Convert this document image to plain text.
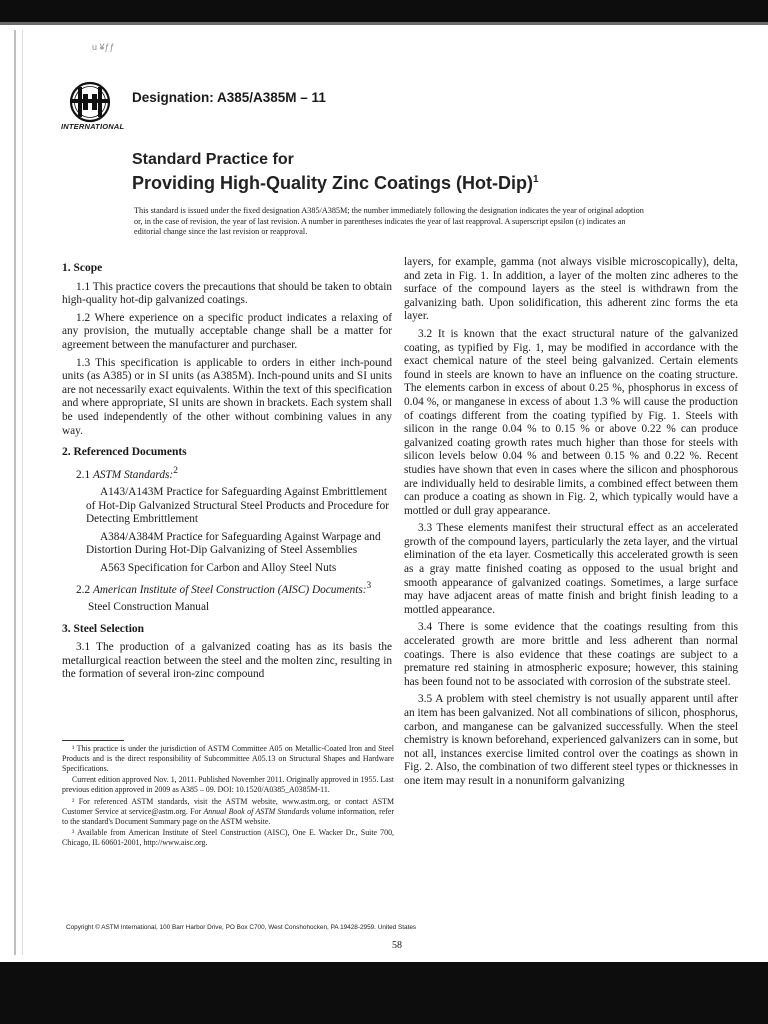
u ¥ƒƒ
INTERNATIONAL
Designation: A385/A385M – 11
Standard Practice for
Providing High-Quality Zinc Coatings $(Hot-Dip)^1$
This standard is issued under the fixed designation A385/A385M; the number immediately following the designation indicates the year of original adoption or, in the case of revision, the year of last revision. A number in parentheses indicates the year of last reapproval. A superscript epsilon (ε) indicates an editorial change since the last revision or reapproval.
1. Scope

1.1 This practice covers the precautions that should be taken to obtain high-quality hot-dip galvanized coatings.

1.2 Where experience on a specific product indicates a relaxing of any provision, the mutually acceptable change shall be a matter for agreement between the manufacturer and purchaser.

1.3 This specification is applicable to orders in either inch-pound units (as A385) or in SI units (as A385M). Inch-pound units and SI units are not necessarily exact equivalents. Within the text of this specification and where appropriate, SI units are shown in brackets. Each system shall be used independently of the other without combining values in any way.

2. Referenced Documents

2.1 ASTM Standards:$^2$

A143/A143M Practice for Safeguarding Against Embrittlement of Hot-Dip Galvanized Structural Steel Products and Procedure for Detecting Embrittlement

A384/A384M Practice for Safeguarding Against Warpage and Distortion During Hot-Dip Galvanizing of Steel Assemblies

A563 Specification for Carbon and Alloy Steel Nuts

2.2 American Institute of Steel Construction (AISC) Documents:$^3$

Steel Construction Manual

3. Steel Selection

3.1 The production of a galvanized coating has as its basis the metallurgical reaction between the steel and the molten zinc, resulting in the formation of several iron-zinc compound

layers, for example, gamma (not always visible microscopically), delta, and zeta in Fig. 1. In addition, a layer of the molten zinc adheres to the surface of the compound layers as the steel is withdrawn from the galvanizing bath. Upon solidification, this adherent zinc forms the eta layer.

3.2 It is known that the exact structural nature of the galvanized coating, as typified by Fig. 1, may be modified in accordance with the exact chemical nature of the steel being galvanized. Certain elements found in steels are known to have an influence on the coating structure. The elements carbon in excess of about 0.25 %, phosphorus in excess of 0.04 %, or manganese in excess of about 1.3 % will cause the production of coatings different from the coating typified by Fig. 1. Steels with silicon in the range 0.04 % to 0.15 % or above 0.22 % can produce galvanized coating growth rates much higher than those for steels with silicon levels below 0.04 % and between 0.15 % and 0.22 %. Recent studies have shown that even in cases where the silicon and phosphorous are individually held to desirable limits, a combined effect between them can produce a coating as shown in Fig. 2, which typically would have a mottled or dull gray appearance.

3.3 These elements manifest their structural effect as an accelerated growth of the compound layers, particularly the zeta layer, and the virtual elimination of the eta layer. Cosmetically this accelerated growth is seen as a gray matte finished coating as opposed to the usual bright and smooth appearance of galvanized coatings. Sometimes, a large surface may have adjacent areas of matte finish and bright finish leading to a mottled appearance.

3.4 There is some evidence that the coatings resulting from this accelerated growth are more brittle and less adherent than normal coatings. There is also evidence that these coatings are subject to a premature red staining in atmospheric exposure; however, this staining has been found not to be associated with corrosion of the substrate steel.

3.5 A problem with steel chemistry is not usually apparent until after an item has been galvanized. Not all combinations of silicon, phosphorus, carbon, and manganese can be galvanized successfully. When the steel chemistry is known beforehand, experienced galvanizers can in some, but not all, instances exercise limited control over the coatings as shown in Fig. 2. Also, the combination of two different steel types or thicknesses in one item may result in a nonuniform galvanizing

¹ This practice is under the jurisdiction of ASTM Committee A05 on Metallic-Coated Iron and Steel Products and is the direct responsibility of Subcommittee A05.13 on Structural Shapes and Hardware Specifications.

Current edition approved Nov. 1, 2011. Published November 2011. Originally approved in 1955. Last previous edition approved in 2009 as A385 – 09. DOI: 10.1520/A0385_A0385M-11.

² For referenced ASTM standards, visit the ASTM website, www.astm.org, or contact ASTM Customer Service at service@astm.org. For Annual Book of ASTM Standards volume information, refer to the standard's Document Summary page on the ASTM website.

³ Available from American Institute of Steel Construction (AISC), One E. Wacker Dr., Suite 700, Chicago, IL 60601-2001, http://www.aisc.org.

Copyright © ASTM International, 100 Barr Harbor Drive, PO Box C700, West Conshohocken, PA 19428-2959. United States
58
